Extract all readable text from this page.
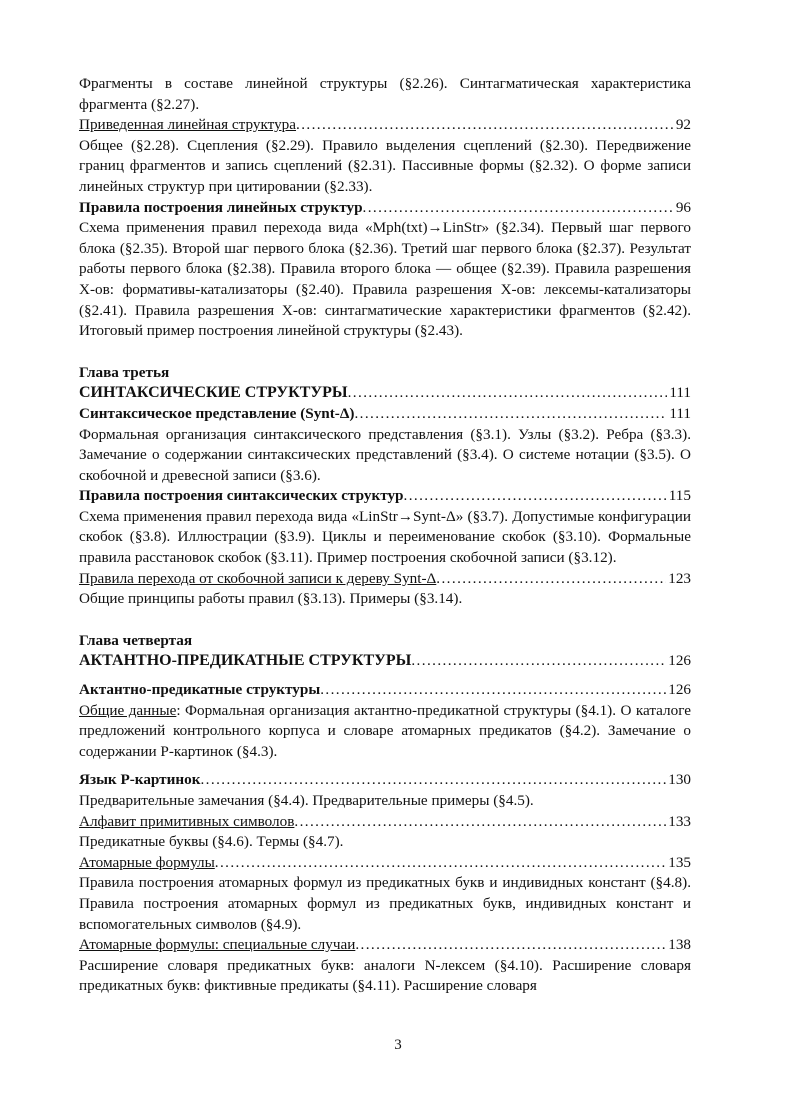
Фрагменты в составе линейной структуры (§2.26). Синтагматическая характеристика фрагмента (§2.27).

Приведенная линейная структура . . .	92

Общее (§2.28). Сцепления (§2.29). Правило выделения сцеплений (§2.30). Передвижение границ фрагментов и запись сцеплений (§2.31). Пассивные формы (§2.32). О форме записи линейных структур при цитировании (§2.33).

Правила построения линейных структур . . .	96

Схема применения правил перехода вида «Mph(txt)→LinStr» (§2.34). Первый шаг первого блока (§2.35). Второй шаг первого блока (§2.36). Третий шаг первого блока (§2.37). Результат работы первого блока (§2.38). Правила второго блока — общее (§2.39). Правила разрешения X-ов: формативы-катализаторы (§2.40). Правила разрешения X-ов: лексемы-катализаторы (§2.41). Правила разрешения X-ов: синтагматические характеристики фрагментов (§2.42). Итоговый пример построения линейной структуры (§2.43).

Глава третья

СИНТАКСИЧЕСКИЕ СТРУКТУРЫ . . .	111
Синтаксическое представление (Synt-Δ) . . .	111

Формальная организация синтаксического представления (§3.1). Узлы (§3.2). Ребра (§3.3). Замечание о содержании синтаксических представлений (§3.4). О системе нотации (§3.5). О скобочной и древесной записи (§3.6).

Правила построения синтаксических структур . . .	115

Схема применения правил перехода вида «LinStr→Synt-Δ» (§3.7). Допустимые конфигурации скобок (§3.8). Иллюстрации (§3.9). Циклы и переименование скобок (§3.10). Формальные правила расстановок скобок (§3.11). Пример построения скобочной записи (§3.12).

Правила перехода от скобочной записи к дереву Synt-Δ . . .	123

Общие принципы работы правил (§3.13). Примеры (§3.14).

Глава четвертая

АКТАНТНО-ПРЕДИКАТНЫЕ СТРУКТУРЫ . . .	126
Актантно-предикатные структуры . . .	126

Общие данные: Формальная организация актантно-предикатной структуры (§4.1). О каталоге предложений контрольного корпуса и словаре атомарных предикатов (§4.2). Замечание о содержании P-картинок (§4.3).

Язык P-картинок . . .	130

Предварительные замечания (§4.4). Предварительные примеры (§4.5).

Алфавит примитивных символов . . .	133

Предикатные буквы (§4.6). Термы (§4.7).

Атомарные формулы . . .	135

Правила построения атомарных формул из предикатных букв и индивидных констант (§4.8). Правила построения атомарных формул из предикатных букв, индивидных констант и вспомогательных символов (§4.9).

Атомарные формулы: специальные случаи . . .	138

Расширение словаря предикатных букв: аналоги N-лексем (§4.10). Расширение словаря предикатных букв: фиктивные предикаты (§4.11). Расширение словаря

3
